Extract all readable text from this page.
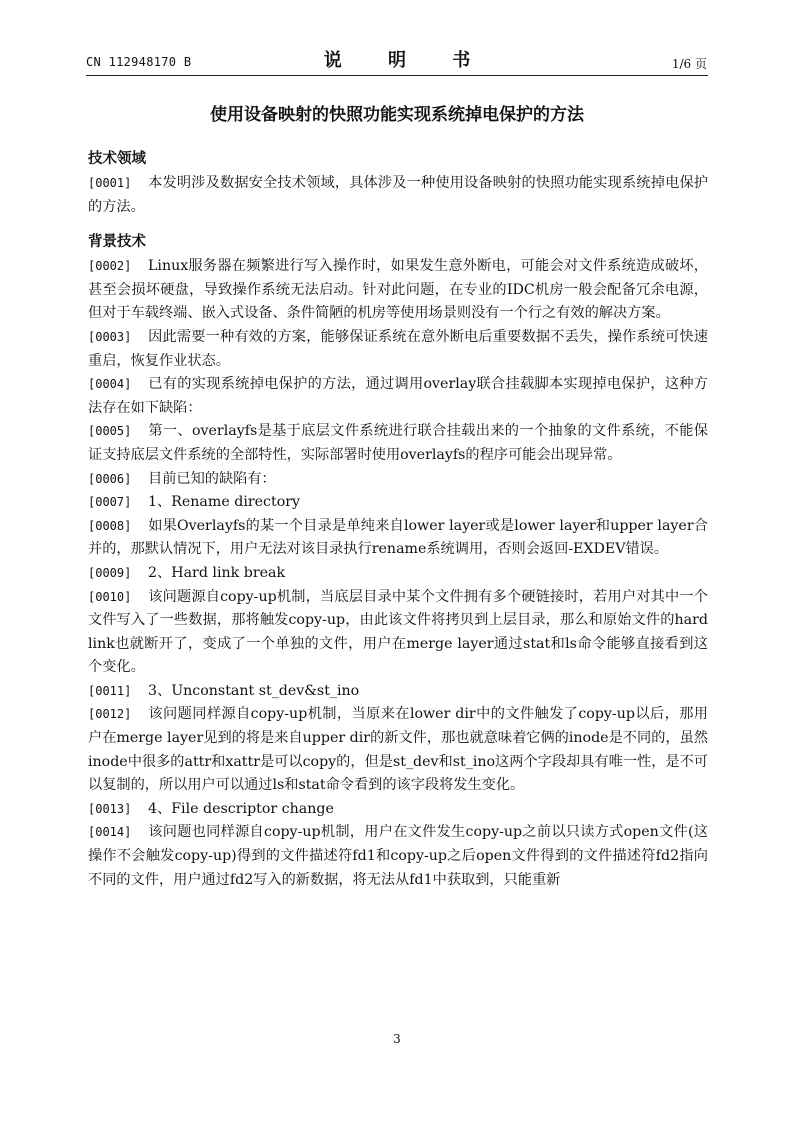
CN 112948170 B	说 明 书	1/6 页
使用设备映射的快照功能实现系统掉电保护的方法
技术领域

[0001] 本发明涉及数据安全技术领域，具体涉及一种使用设备映射的快照功能实现系统掉电保护的方法。

背景技术

[0002] Linux服务器在频繁进行写入操作时，如果发生意外断电，可能会对文件系统造成破坏，甚至会损坏硬盘，导致操作系统无法启动。针对此问题，在专业的IDC机房一般会配备冗余电源，但对于车载终端、嵌入式设备、条件简陋的机房等使用场景则没有一个行之有效的解决方案。

[0003] 因此需要一种有效的方案，能够保证系统在意外断电后重要数据不丢失，操作系统可快速重启，恢复作业状态。

[0004] 已有的实现系统掉电保护的方法，通过调用overlay联合挂载脚本实现掉电保护，这种方法存在如下缺陷：

[0005] 第一、overlayfs是基于底层文件系统进行联合挂载出来的一个抽象的文件系统，不能保证支持底层文件系统的全部特性，实际部署时使用overlayfs的程序可能会出现异常。

[0006] 目前已知的缺陷有：

[0007] 1、Rename directory

[0008] 如果Overlayfs的某一个目录是单纯来自lower layer或是lower layer和upper layer合并的，那默认情况下，用户无法对该目录执行rename系统调用，否则会返回-EXDEV错误。

[0009] 2、Hard link break

[0010] 该问题源自copy-up机制，当底层目录中某个文件拥有多个硬链接时，若用户对其中一个文件写入了一些数据，那将触发copy-up，由此该文件将拷贝到上层目录，那么和原始文件的hard link也就断开了，变成了一个单独的文件，用户在merge layer通过stat和ls命令能够直接看到这个变化。

[0011] 3、Unconstant st_dev&st_ino

[0012] 该问题同样源自copy-up机制，当原来在lower dir中的文件触发了copy-up以后，那用户在merge layer见到的将是来自upper dir的新文件，那也就意味着它俩的inode是不同的，虽然inode中很多的attr和xattr是可以copy的，但是st_dev和st_ino这两个字段却具有唯一性，是不可以复制的，所以用户可以通过ls和stat命令看到的该字段将发生变化。

[0013] 4、File descriptor change

[0014] 该问题也同样源自copy-up机制，用户在文件发生copy-up之前以只读方式open文件(这操作不会触发copy-up)得到的文件描述符fd1和copy-up之后open文件得到的文件描述符fd2指向不同的文件，用户通过fd2写入的新数据，将无法从fd1中获取到，只能重新

3
